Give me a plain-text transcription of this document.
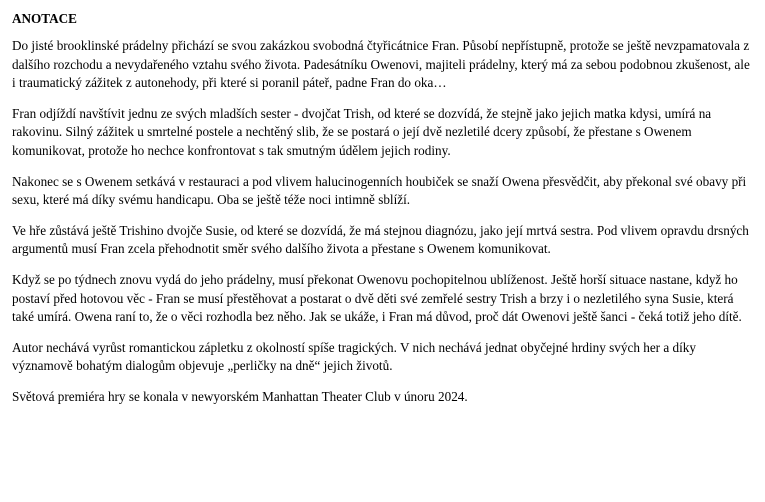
ANOTACE

Do jisté brooklinské prádelny přichází se svou zakázkou svobodná čtyřicátnice Fran. Působí nepřístupně, protože se ještě nevzpamatovala z dalšího rozchodu a nevydařeného vztahu svého života. Padesátníku Owenovi, majiteli prádelny, který má za sebou podobnou zkušenost, ale i traumatický zážitek z autonehody, při které si poranil páteř, padne Fran do oka…

Fran odjíždí navštívit jednu ze svých mladších sester - dvojčat Trish, od které se dozvídá, že stejně jako jejich matka kdysi, umírá na rakovinu. Silný zážitek u smrtelné postele a nechtěný slib, že se postará o její dvě nezletilé dcery způsobí, že přestane s Owenem komunikovat, protože ho nechce konfrontovat s tak smutným údělem jejich rodiny.

Nakonec se s Owenem setkává v restauraci a pod vlivem halucinogenních houbiček se snaží Owena přesvědčit, aby překonal své obavy při sexu, které má díky svému handicapu. Oba se ještě téže noci intimně sblíží.

Ve hře zůstává ještě Trishino dvojče Susie, od které se dozvídá, že má stejnou diagnózu, jako její mrtvá sestra. Pod vlivem opravdu drsných argumentů musí Fran zcela přehodnotit směr svého dalšího života a přestane s Owenem komunikovat.

Když se po týdnech znovu vydá do jeho prádelny, musí překonat Owenovu pochopitelnou ublíženost. Ještě horší situace nastane, když ho postaví před hotovou věc - Fran se musí přestěhovat a postarat o dvě děti své zemřelé sestry Trish a brzy i o nezletilého syna Susie, která také umírá. Owena raní to, že o věci rozhodla bez něho. Jak se ukáže, i Fran má důvod, proč dát Owenovi ještě šanci - čeká totiž jeho dítě.

Autor nechává vyrůst romantickou zápletku z okolností spíše tragických. V nich nechává jednat obyčejné hrdiny svých her a díky významově bohatým dialogům objevuje „perličky na dně“ jejich životů.

Světová premiéra hry se konala v newyorském Manhattan Theater Club v únoru 2024.
